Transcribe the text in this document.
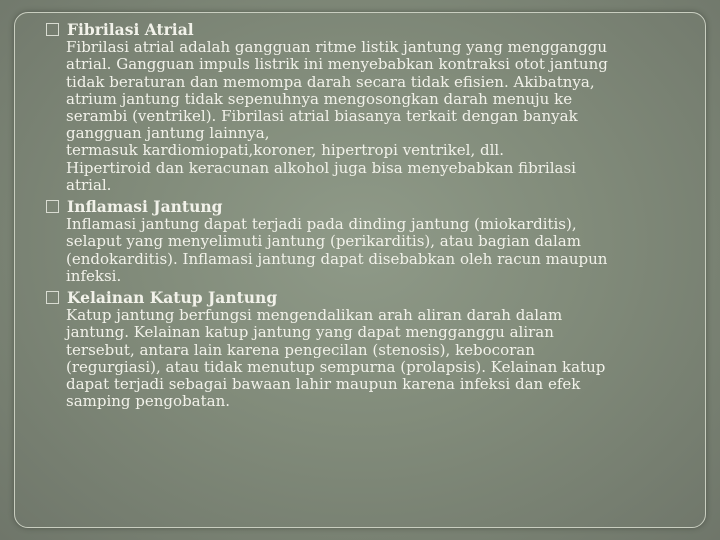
Fibrilasi Atrial

Fibrilasi atrial adalah gangguan ritme listik jantung yang mengganggu
atrial. Gangguan impuls listrik ini menyebabkan kontraksi otot jantung
tidak beraturan dan memompa darah secara tidak efisien. Akibatnya,
atrium jantung tidak sepenuhnya mengosongkan darah menuju ke
serambi (ventrikel). Fibrilasi atrial biasanya terkait dengan banyak
gangguan jantung lainnya,
termasuk kardiomiopati,koroner, hipertropi ventrikel, dll.
Hipertiroid dan keracunan alkohol juga bisa menyebabkan fibrilasi
atrial.

Inflamasi Jantung

Inflamasi jantung dapat terjadi pada dinding jantung (miokarditis),
selaput yang menyelimuti jantung (perikarditis), atau bagian dalam
(endokarditis). Inflamasi jantung dapat disebabkan oleh racun maupun
infeksi.

Kelainan Katup Jantung

Katup jantung berfungsi mengendalikan arah aliran darah dalam
jantung. Kelainan katup jantung yang dapat mengganggu aliran
tersebut, antara lain karena pengecilan (stenosis), kebocoran
(regurgiasi), atau tidak menutup sempurna (prolapsis). Kelainan katup
dapat terjadi sebagai bawaan lahir maupun karena infeksi dan efek
samping pengobatan.
